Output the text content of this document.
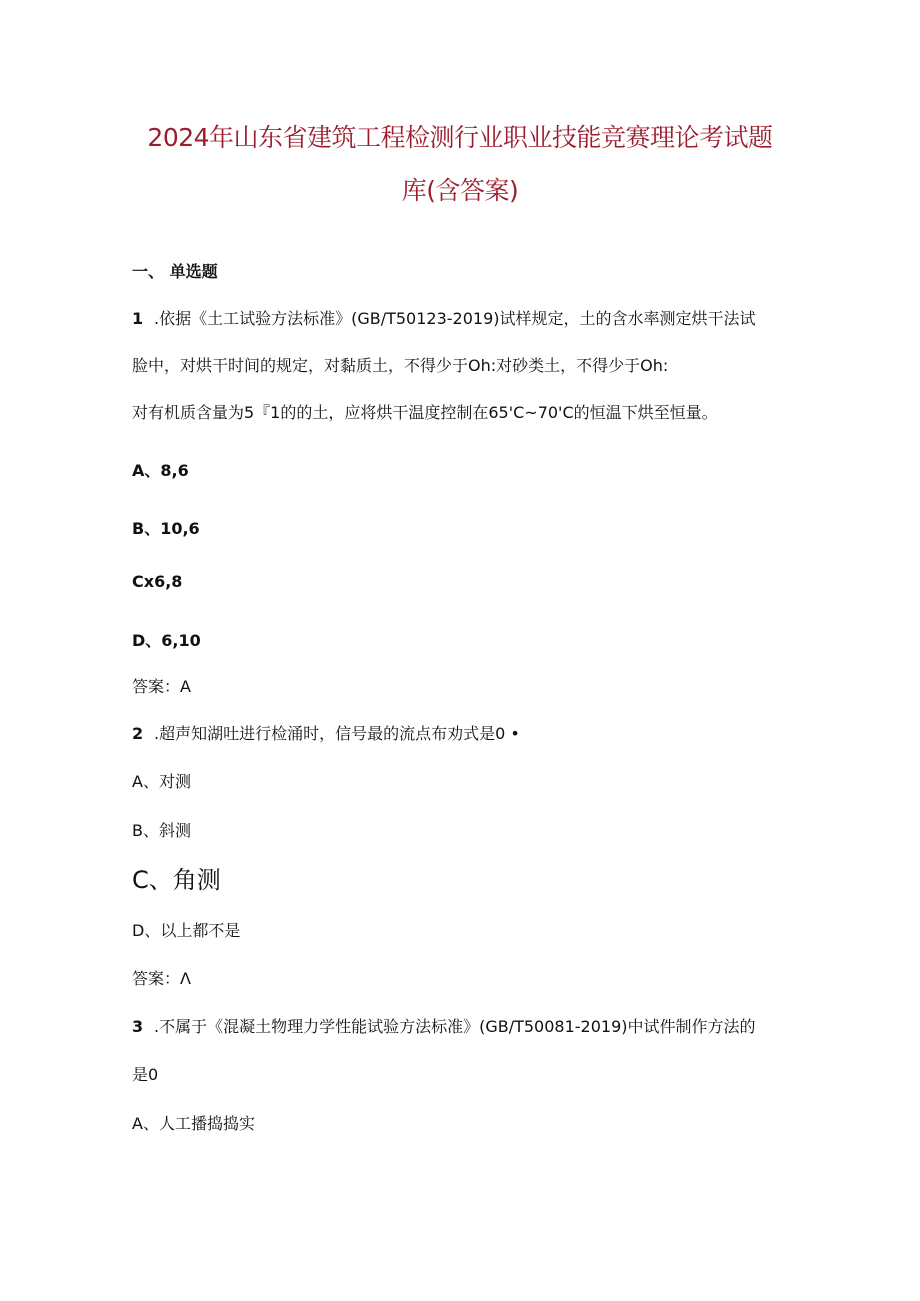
2024年山东省建筑工程检测行业职业技能竞赛理论考试题
库(含答案)
一、 单选题
1 .依据《土工试验方法标准》(GB/T50123-2019)试样规定，土的含水率测定烘干法试
脸中，对烘干时间的规定，对黏质土，不得少于Oh:对砂类土，不得少于Oh:
对有机质含量为5『1的的土，应将烘干温度控制在65'C~70'C的恒温下烘至恒量。
A、8,6
B、10,6
Cx6,8
D、6,10
答案：A
2 .超声知湖吐进行检涌时，信号最的流点布劝式是0 •
A、对测
B、斜测
C、角测
D、以上都不是
答案：Λ
3 .不属于《混凝土物理力学性能试验方法标准》(GB/T50081-2019)中试件制作方法的
是0
A、人工播捣捣实
